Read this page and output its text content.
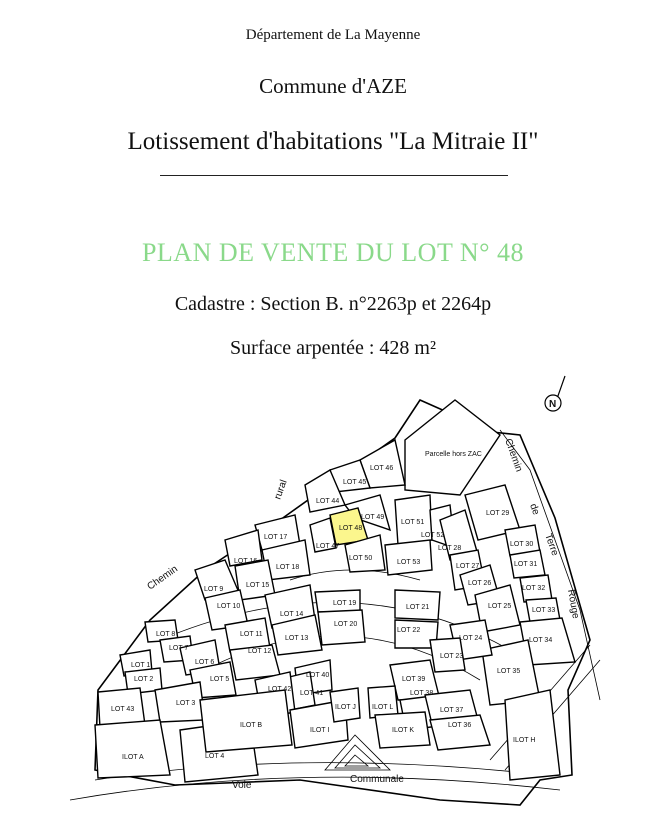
Département de La Mayenne
Commune d'AZE
Lotissement d'habitations "La Mitraie II"
PLAN DE VENTE DU LOT N° 48
Cadastre : Section B. n°2263p et 2264p
Surface arpentée : 428 m²
N
rural
Chemin
Chemin
de
Terre
Rouge
Voie
Communale
Parcelle hors ZAC
LOT 46
LOT 45
LOT 44
LOT 49
LOT 48
LOT 47
LOT 50
LOT 51
LOT 52
LOT 53
LOT 17
LOT 16
LOT 18
LOT 15
LOT 9
LOT 10
LOT 14
LOT 13
LOT 11
LOT 12
LOT 19
LOT 20
LOT 21
LOT 22
LOT 29
LOT 28
LOT 27
LOT 26
LOT 25
LOT 30
LOT 31
LOT 32
LOT 33
LOT 34
LOT 35
LOT 24
LOT 23
LOT 8
LOT 7
LOT 1
LOT 2
LOT 6
LOT 5
LOT 3
LOT 43
LOT 40
LOT 41
LOT 42
LOT 39
LOT 38
LOT 37
LOT 36
LOT 4
ILOT A
ILOT B
ILOT I
ILOT J ILOT L
ILOT K
ILOT H
